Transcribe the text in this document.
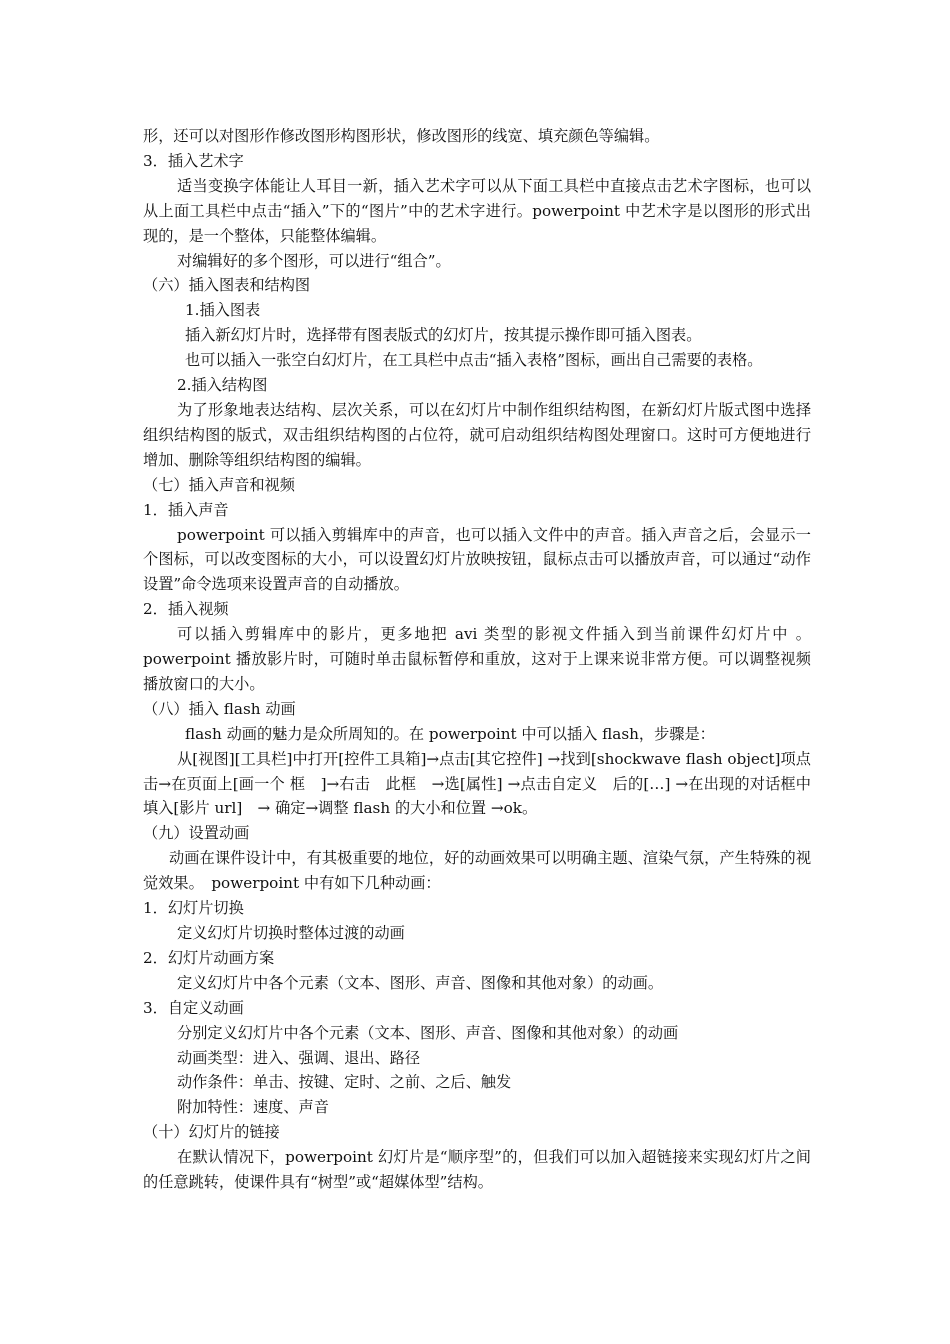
形，还可以对图形作修改图形构图形状，修改图形的线宽、填充颜色等编辑。

3．插入艺术字

适当变换字体能让人耳目一新，插入艺术字可以从下面工具栏中直接点击艺术字图标，也可以从上面工具栏中点击“插入”下的“图片”中的艺术字进行。powerpoint 中艺术字是以图形的形式出现的，是一个整体，只能整体编辑。

对编辑好的多个图形，可以进行“组合”。

（六）插入图表和结构图

1.插入图表

插入新幻灯片时，选择带有图表版式的幻灯片，按其提示操作即可插入图表。

也可以插入一张空白幻灯片，在工具栏中点击“插入表格”图标，画出自己需要的表格。

2.插入结构图

为了形象地表达结构、层次关系，可以在幻灯片中制作组织结构图，在新幻灯片版式图中选择组织结构图的版式，双击组织结构图的占位符，就可启动组织结构图处理窗口。这时可方便地进行增加、删除等组织结构图的编辑。

（七）插入声音和视频

1．插入声音

powerpoint 可以插入剪辑库中的声音，也可以插入文件中的声音。插入声音之后，会显示一个图标，可以改变图标的大小，可以设置幻灯片放映按钮，鼠标点击可以播放声音，可以通过“动作设置”命令选项来设置声音的自动播放。

2．插入视频

可以插入剪辑库中的影片，更多地把 avi 类型的影视文件插入到当前课件幻灯片中 。powerpoint 播放影片时，可随时单击鼠标暂停和重放，这对于上课来说非常方便。可以调整视频播放窗口的大小。

（八）插入 flash 动画

flash 动画的魅力是众所周知的。在 powerpoint 中可以插入 flash，步骤是：

从[视图][工具栏]中打开[控件工具箱]→点击[其它控件] →找到[shockwave flash object]项点击→在页面上[画一个 框　]→右击　此框　→选[属性] →点击自定义　后的[…] →在出现的对话框中填入[影片 url]　→ 确定→调整 flash 的大小和位置 →ok。

（九）设置动画

动画在课件设计中，有其极重要的地位，好的动画效果可以明确主题、渲染气氛，产生特殊的视觉效果。　powerpoint 中有如下几种动画：

1．幻灯片切换

定义幻灯片切换时整体过渡的动画

2．幻灯片动画方案

定义幻灯片中各个元素（文本、图形、声音、图像和其他对象）的动画。

3．自定义动画

分别定义幻灯片中各个元素（文本、图形、声音、图像和其他对象）的动画

动画类型：进入、强调、退出、路径

动作条件：单击、按键、定时、之前、之后、触发

附加特性：速度、声音

（十）幻灯片的链接

在默认情况下，powerpoint 幻灯片是“顺序型”的，但我们可以加入超链接来实现幻灯片之间的任意跳转，使课件具有“树型”或“超媒体型”结构。
